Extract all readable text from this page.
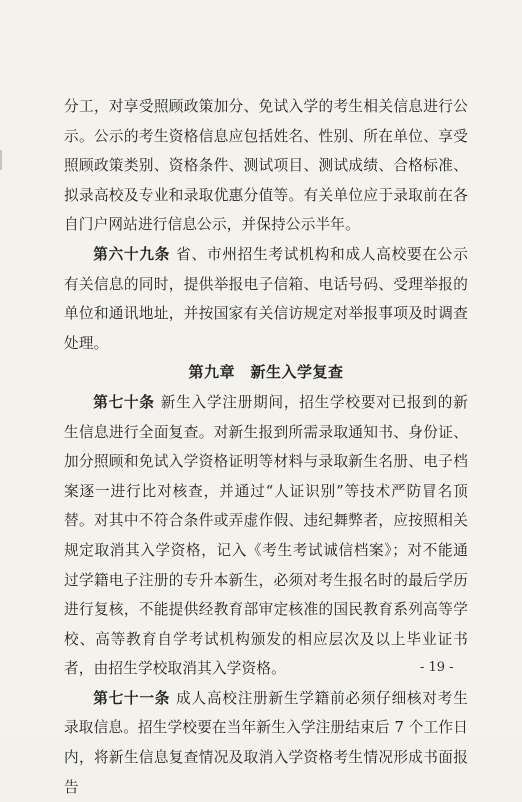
分工，对享受照顾政策加分、免试入学的考生相关信息进行公示。公示的考生资格信息应包括姓名、性别、所在单位、享受照顾政策类别、资格条件、测试项目、测试成绩、合格标准、拟录高校及专业和录取优惠分值等。有关单位应于录取前在各自门户网站进行信息公示，并保持公示半年。

第六十九条 省、市州招生考试机构和成人高校要在公示有关信息的同时，提供举报电子信箱、电话号码、受理举报的单位和通讯地址，并按国家有关信访规定对举报事项及时调查处理。

第九章　新生入学复查

第七十条 新生入学注册期间，招生学校要对已报到的新生信息进行全面复查。对新生报到所需录取通知书、身份证、加分照顾和免试入学资格证明等材料与录取新生名册、电子档案逐一进行比对核查，并通过“人证识别”等技术严防冒名顶替。对其中不符合条件或弄虚作假、违纪舞弊者，应按照相关规定取消其入学资格，记入《考生考试诚信档案》；对不能通过学籍电子注册的专升本新生，必须对考生报名时的最后学历进行复核，不能提供经教育部审定核准的国民教育系列高等学校、高等教育自学考试机构颁发的相应层次及以上毕业证书者，由招生学校取消其入学资格。

第七十一条 成人高校注册新生学籍前必须仔细核对考生录取信息。招生学校要在当年新生入学注册结束后 7 个工作日内，将新生信息复查情况及取消入学资格考生情况形成书面报告

- 19 -
